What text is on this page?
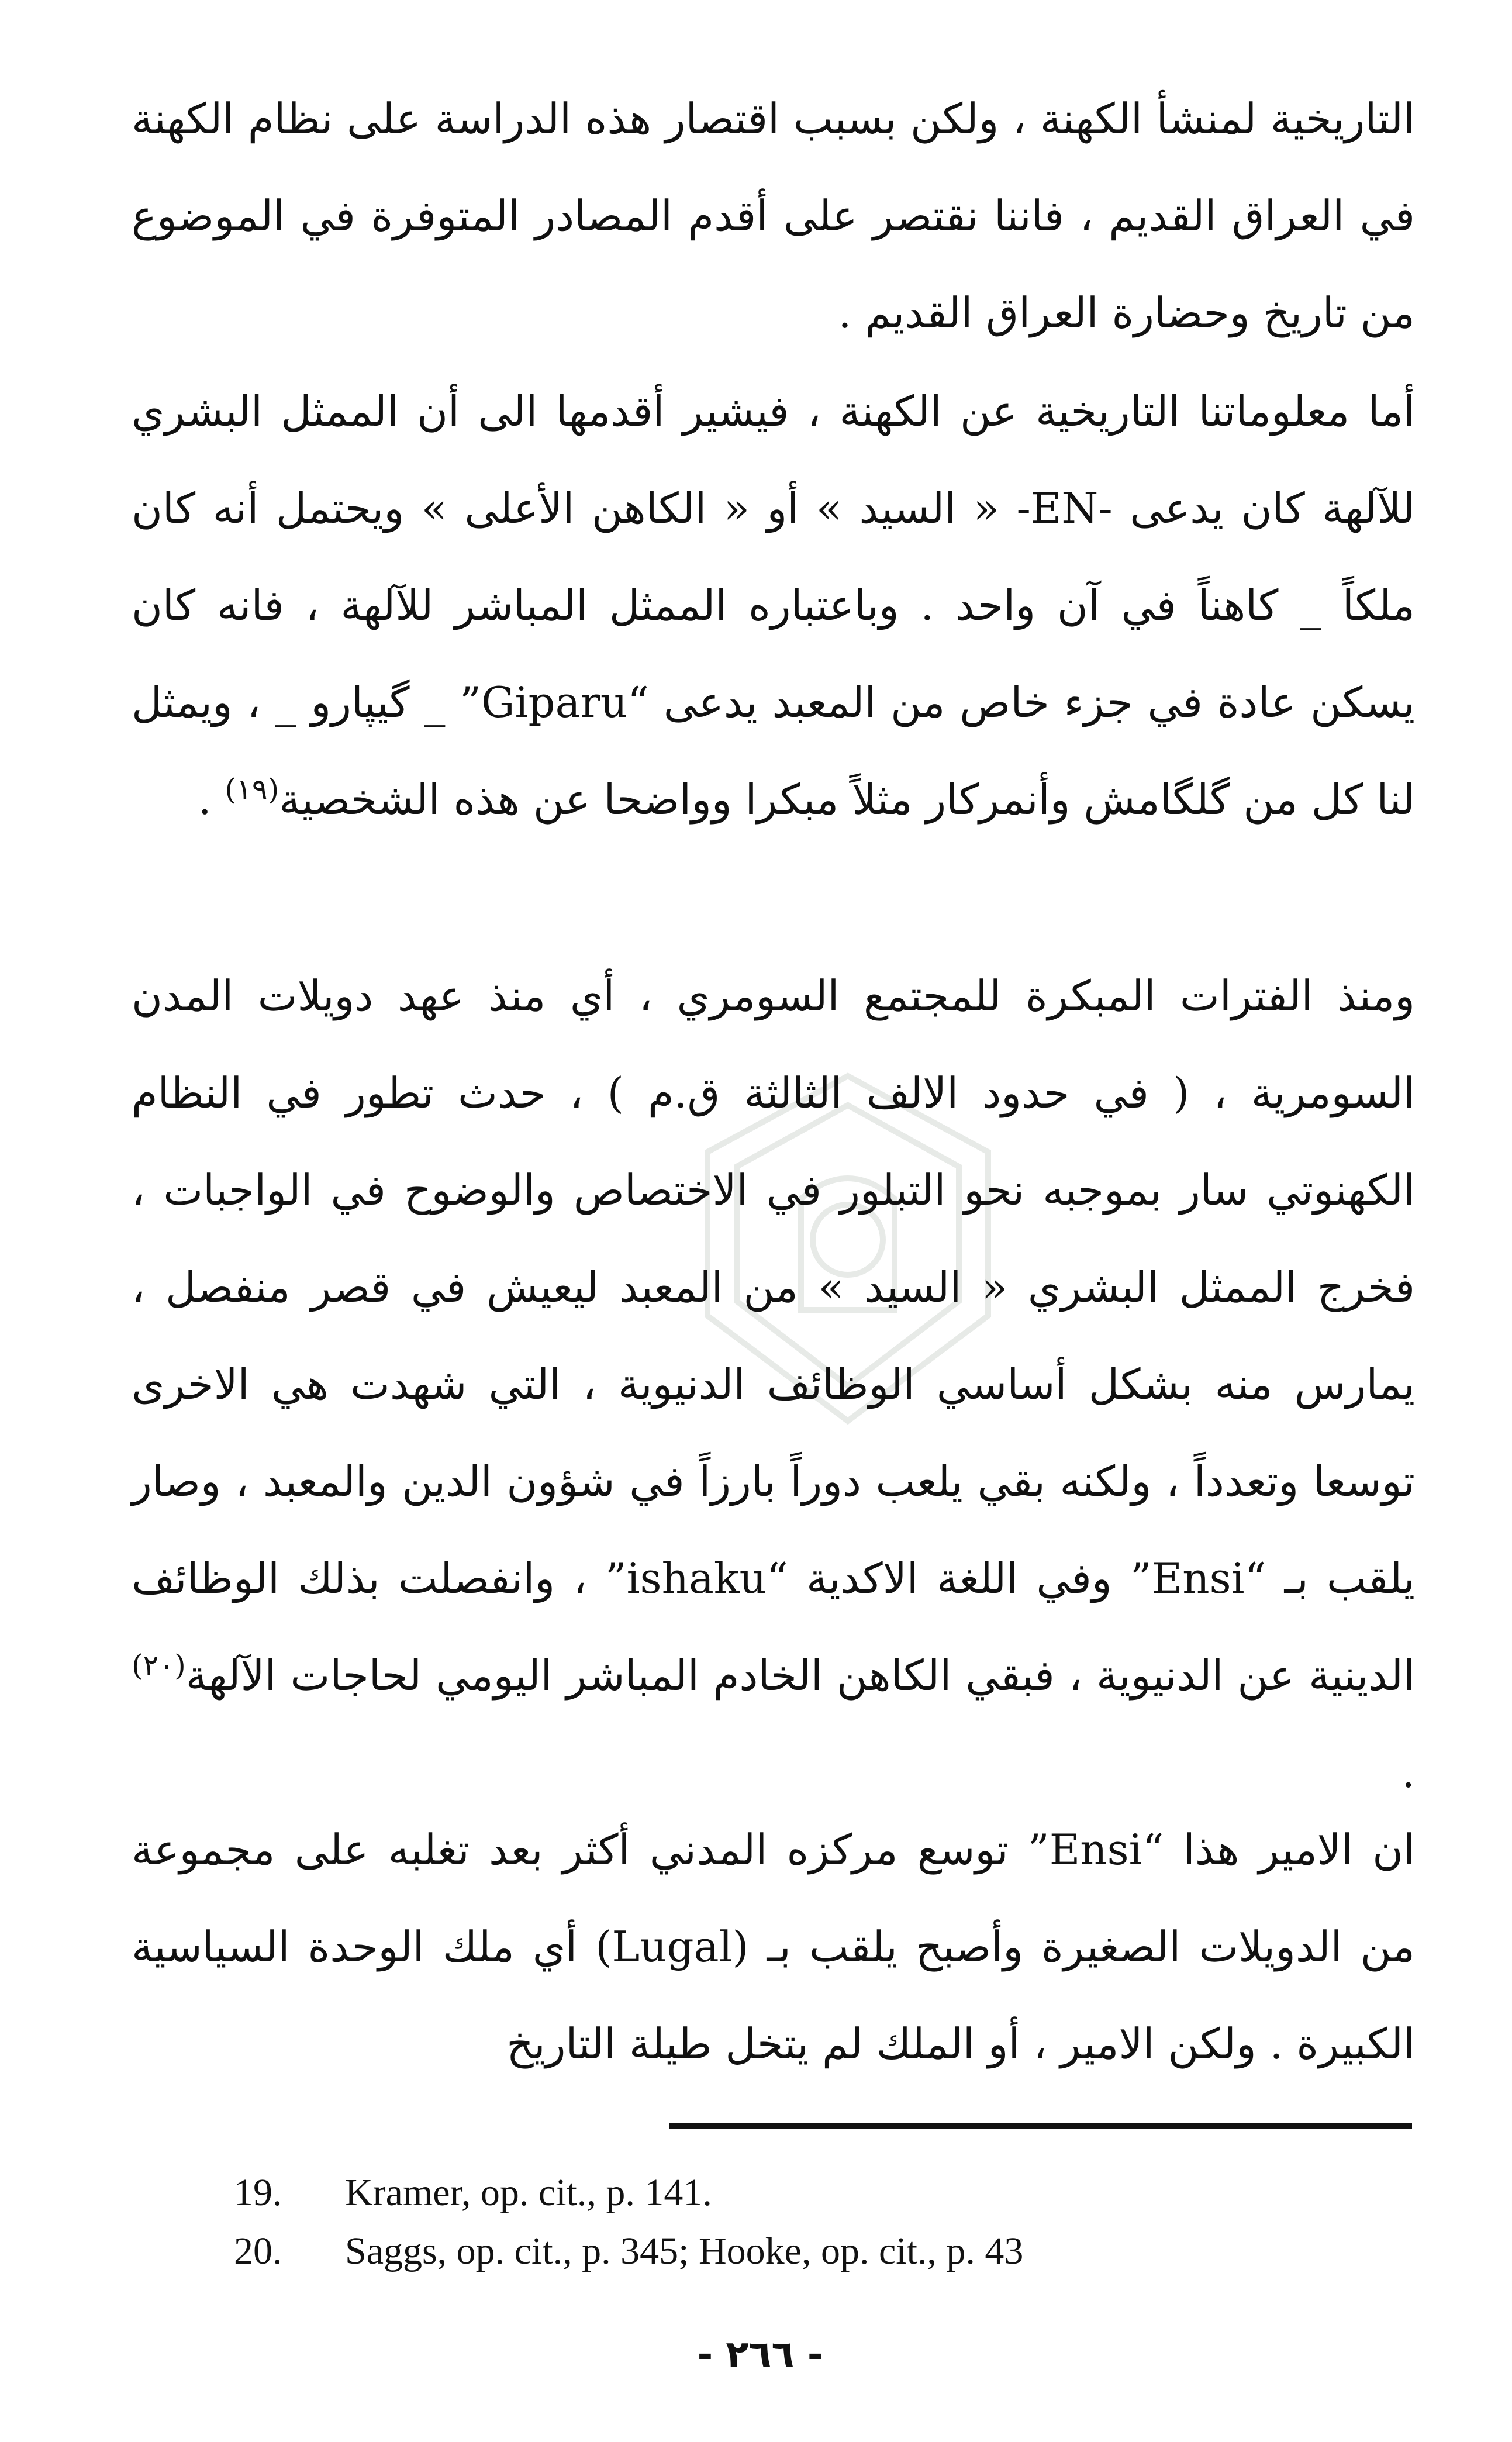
التاريخية لمنشأ الكهنة ، ولكن بسبب اقتصار هذه الدراسة على نظام الكهنة في العراق القديم ، فاننا نقتصر على أقدم المصادر المتوفرة في الموضوع من تاريخ وحضارة العراق القديم .

أما معلوماتنا التاريخية عن الكهنة ، فيشير أقدمها الى أن الممثل البشري للآلهة كان يدعى -EN- « السيد » أو « الكاهن الأعلى » ويحتمل أنه كان ملكاً _ كاهناً في آن واحد . وباعتباره الممثل المباشر للآلهة ، فانه كان يسكن عادة في جزء خاص من المعبد يدعى “Giparu” _ گيپارو _ ، ويمثل لنا كل من گلگامش وأنمركار مثلاً مبكرا وواضحا عن هذه الشخصية$^{(١٩)}$ .

ومنذ الفترات المبكرة للمجتمع السومري ، أي منذ عهد دويلات المدن السومرية ، ( في حدود الالف الثالثة ق.م ) ، حدث تطور في النظام الكهنوتي سار بموجبه نحو التبلور في الاختصاص والوضوح في الواجبات ، فخرج الممثل البشري « السيد » من المعبد ليعيش في قصر منفصل ، يمارس منه بشكل أساسي الوظائف الدنيوية ، التي شهدت هي الاخرى توسعا وتعدداً ، ولكنه بقي يلعب دوراً بارزاً في شؤون الدين والمعبد ، وصار يلقب بـ “Ensi” وفي اللغة الاكدية “ishaku” ، وانفصلت بذلك الوظائف الدينية عن الدنيوية ، فبقي الكاهن الخادم المباشر اليومي لحاجات الآلهة$^{(٢٠)}$ .

ان الامير هذا “Ensi” توسع مركزه المدني أكثر بعد تغلبه على مجموعة من الدويلات الصغيرة وأصبح يلقب بـ (Lugal) أي ملك الوحدة السياسية الكبيرة . ولكن الامير ، أو الملك لم يتخل طيلة التاريخ

19. Kramer, op. cit., p. 141.
20. Saggs, op. cit., p. 345; Hooke, op. cit., p. 43
- ٢٦٦ -
